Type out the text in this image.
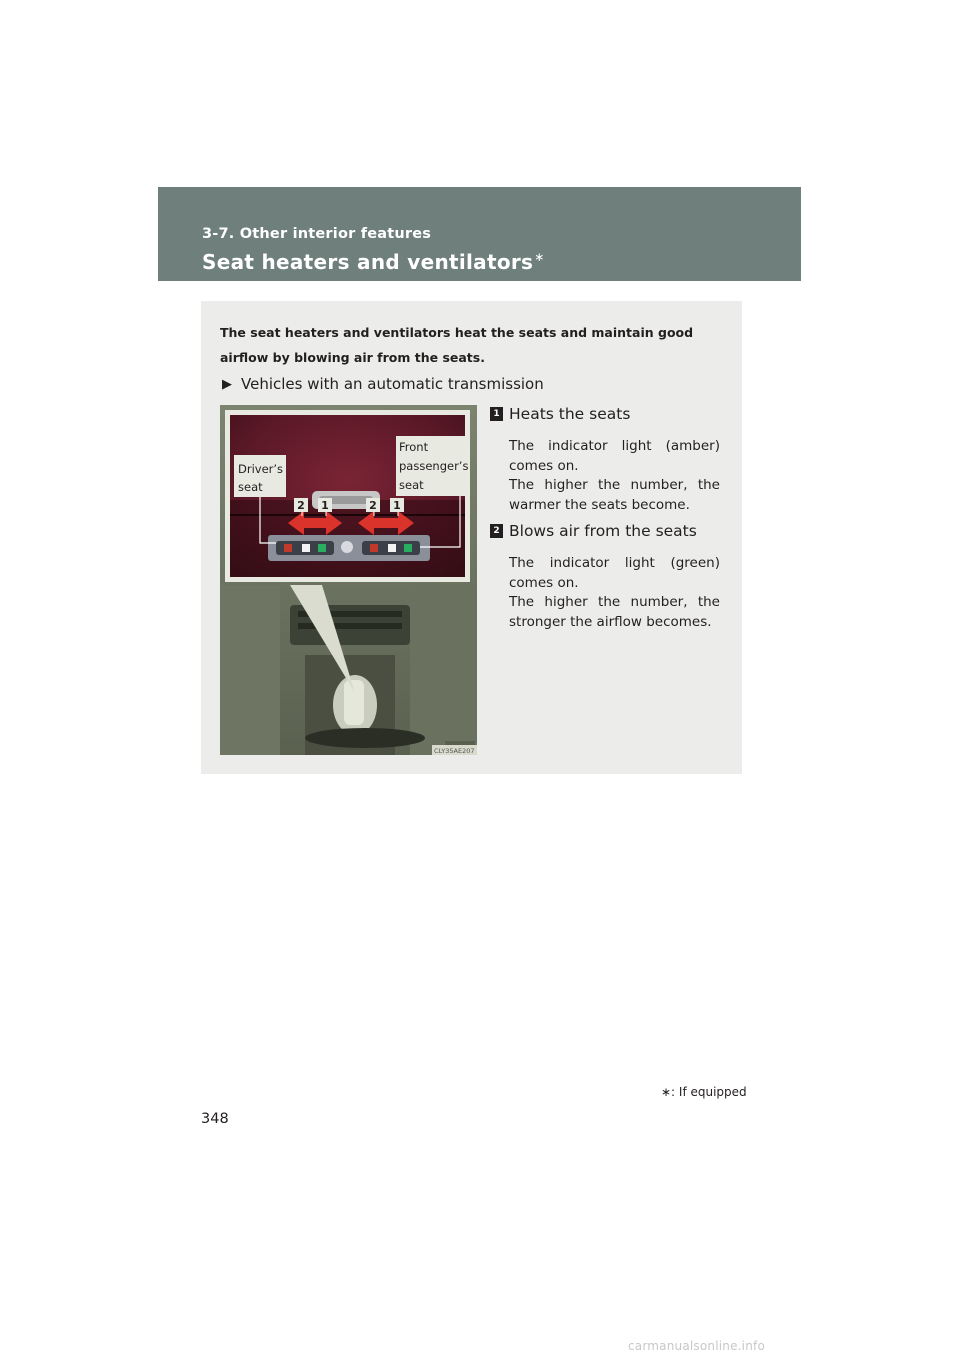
3-7. Other interior features
Seat heaters and ventilators∗
The seat heaters and ventilators heat the seats and maintain good airflow by blowing air from the seats.
▶ Vehicles with an automatic transmission
2 1	2 1
Driver’s
seat
Front
passenger’s
seat
CLY35AE207
1 Heats the seats

The indicator light (amber) comes on.

The higher the number, the warmer the seats become.

2 Blows air from the seats

The indicator light (green) comes on.

The higher the number, the stronger the airflow becomes.

∗: If equipped
348
carmanualsonline.info
